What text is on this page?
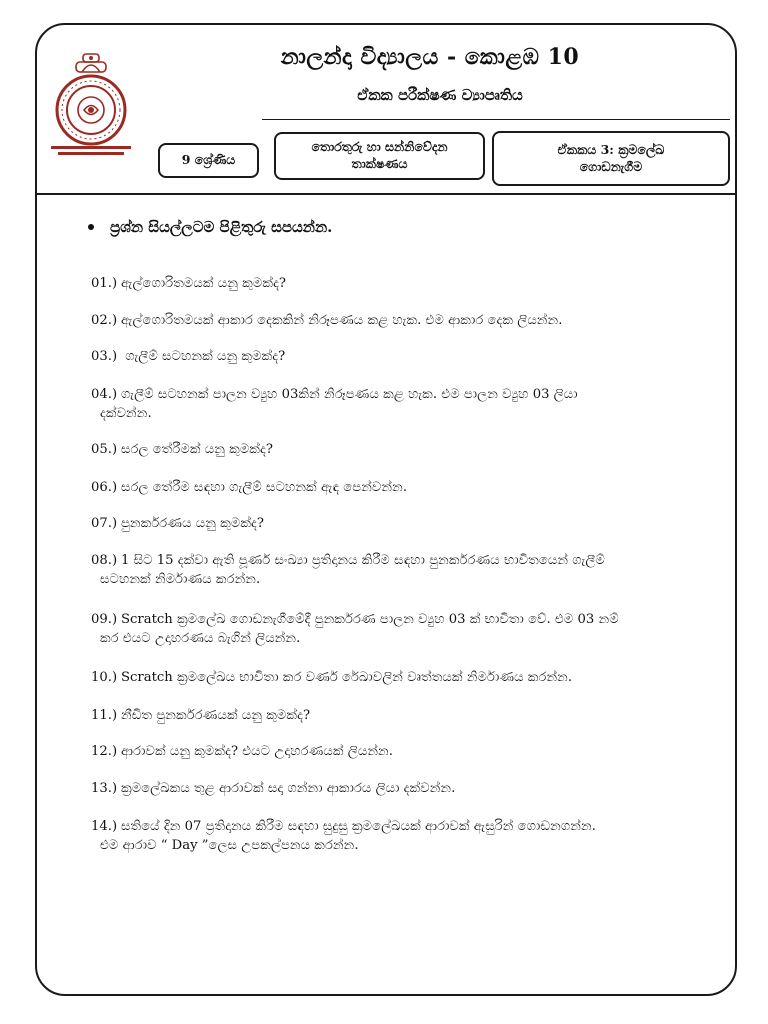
නාලන්දා විද්‍යාලය - කොළඹ 10
ඒකක පරීක්ෂණ ව්‍යාපෘතිය
9 ශ්‍රේණිය
තොරතුරු හා සන්නිවේදන
තාක්ෂණය
ඒකකය 3: ක්‍රමලේඛ
ගොඩනැගීම
ප්‍රශ්න සියල්ලටම පිළිතුරු සපයන්න.
01.) ඇල්ගොරිතමයක් යනු කුමක්ද?
02.) ඇල්ගොරිතමයක් ආකාර දෙකකින් නිරූපණය කළ හැක. එම ආකාර දෙක ලියන්න.
03.) ගැලීම් සටහනක් යනු කුමක්ද?
04.) ගැලීම් සටහනක් පාලන ව්‍යුහ 03කින් නිරූපණය කළ හැක. එම පාලන ව්‍යුහ 03 ලියා
දක්වන්න.
05.) සරල තේරීමක් යනු කුමක්ද?
06.) සරල තේරීම සඳහා ගැලීම් සටහනක් ඇඳ පෙන්වන්න.
07.) පුනර්කරණය යනු කුමක්ද?
08.) 1 සිට 15 දක්වා ඇති පූර්ණ සංඛ්‍යා ප්‍රතිදානය කිරීම සඳහා පුනර්කරණය භාවිතයෙන් ගැලීම්
සටහනක් නිර්මාණය කරන්න.
09.) Scratch ක්‍රමලේඛ ගොඩනැගීමේදී පුනර්කරණ පාලන ව්‍යුහ 03 ක් භාවිතා වේ. එම 03 නම්
කර එයට උදාහරණය බැගින් ලියන්න.
10.) Scratch ක්‍රමලේඛය භාවිතා කර වර්ණ රේඛාවලින් වෘත්තයක් නිර්මාණය කරන්න.
11.) නීඩිත පුනර්කරණයක් යනු කුමක්ද?
12.) ආරාවක් යනු කුමක්ද? එයට උදාහරණයක් ලියන්න.
13.) ක්‍රමලේඛකය තුළ ආරාවක් සදා ගන්නා ආකාරය ලියා දක්වන්න.
14.) සතියේ දින 07 ප්‍රතිදානය කිරීම සඳහා සුදුසු ක්‍රමලේඛයක් ආරාවක් ඇසුරින් ගොඩනගන්න.
එම ආරාව “ Day ”ලෙස උපකල්පනය කරන්න.
